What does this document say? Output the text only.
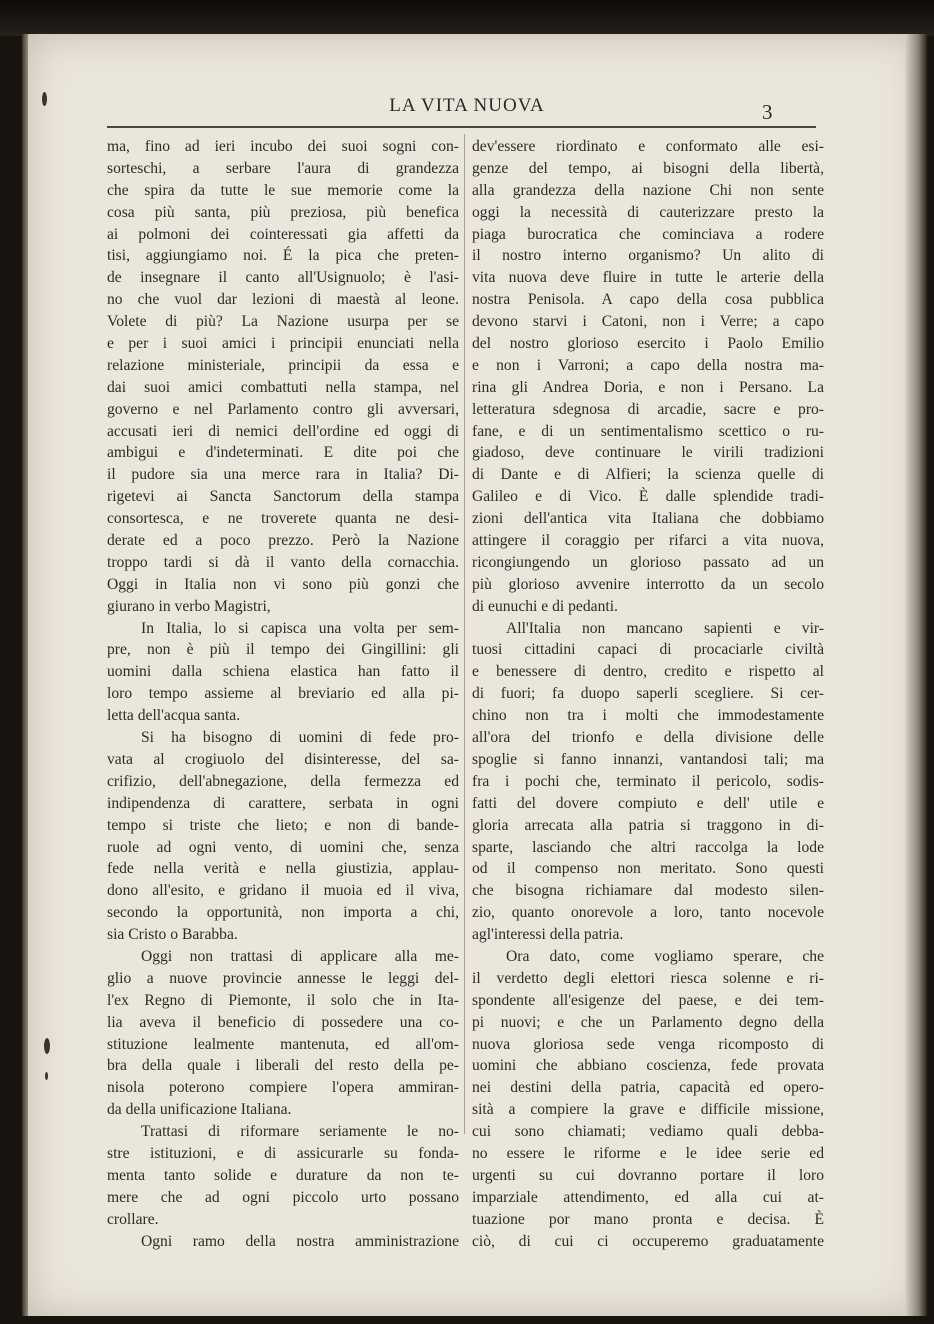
LA VITA NUOVA	3
ma, fino ad ieri incubo dei suoi sogni con-
sorteschi, a serbare l'aura di grandezza
che spira da tutte le sue memorie come la
cosa più santa, più preziosa, più benefica
ai polmoni dei cointeressati gia affetti da
tisi, aggiungiamo noi. É la pica che preten-
de insegnare il canto all'Usignuolo; è l'asi-
no che vuol dar lezioni di maestà al leone.
Volete di più? La Nazione usurpa per se
e per i suoi amici i principii enunciati nella
relazione ministeriale, principii da essa e
dai suoi amici combattuti nella stampa, nel
governo e nel Parlamento contro gli avversari,
accusati ieri di nemici dell'ordine ed oggi di
ambigui e d'indeterminati. E dite poi che
il pudore sia una merce rara in Italia? Di-
rigetevi ai Sancta Sanctorum della stampa
consortesca, e ne troverete quanta ne desi-
derate ed a poco prezzo. Però la Nazione
troppo tardi si dà il vanto della cornacchia.
Oggi in Italia non vi sono più gonzi che
giurano in verbo Magistri,
In Italia, lo si capisca una volta per sem-
pre, non è più il tempo dei Gingillini: gli
uomini dalla schiena elastica han fatto il
loro tempo assieme al breviario ed alla pi-
letta dell'acqua santa.
Si ha bisogno di uomini di fede pro-
vata al crogiuolo del disinteresse, del sa-
crifizio, dell'abnegazione, della fermezza ed
indipendenza di carattere, serbata in ogni
tempo si triste che lieto; e non di bande-
ruole ad ogni vento, di uomini che, senza
fede nella verità e nella giustizia, applau-
dono all'esito, e gridano il muoia ed il viva,
secondo la opportunità, non importa a chi,
sia Cristo o Barabba.
Oggi non trattasi di applicare alla me-
glio a nuove provincie annesse le leggi del-
l'ex Regno di Piemonte, il solo che in Ita-
lia aveva il beneficio di possedere una co-
stituzione lealmente mantenuta, ed all'om-
bra della quale i liberali del resto della pe-
nisola poterono compiere l'opera ammiran-
da della unificazione Italiana.
Trattasi di riformare seriamente le no-
stre istituzioni, e di assicurarle su fonda-
menta tanto solide e durature da non te-
mere che ad ogni piccolo urto possano
crollare.
Ogni ramo della nostra amministrazione
dev'essere riordinato e conformato alle esi-
genze del tempo, ai bisogni della libertà,
alla grandezza della nazione Chi non sente
oggi la necessità di cauterizzare presto la
piaga burocratica che cominciava a rodere
il nostro interno organismo? Un alito di
vita nuova deve fluire in tutte le arterie della
nostra Penisola. A capo della cosa pubblica
devono starvi i Catoni, non i Verre; a capo
del nostro glorioso esercito i Paolo Emilio
e non i Varroni; a capo della nostra ma-
rina gli Andrea Doria, e non i Persano. La
letteratura sdegnosa di arcadie, sacre e pro-
fane, e di un sentimentalismo scettico o ru-
giadoso, deve continuare le virili tradizioni
di Dante e di Alfieri; la scienza quelle di
Galileo e di Vico. È dalle splendide tradi-
zioni dell'antica vita Italiana che dobbiamo
attingere il coraggio per rifarci a vita nuova,
ricongiungendo un glorioso passato ad un
più glorioso avvenire interrotto da un secolo
di eunuchi e di pedanti.
All'Italia non mancano sapienti e vir-
tuosi cittadini capaci di procaciarle civiltà
e benessere di dentro, credito e rispetto al
di fuori; fa duopo saperli scegliere. Si cer-
chino non tra i molti che immodestamente
all'ora del trionfo e della divisione delle
spoglie si fanno innanzi, vantandosi tali; ma
fra i pochi che, terminato il pericolo, sodis-
fatti del dovere compiuto e dell' utile e
gloria arrecata alla patria si traggono in di-
sparte, lasciando che altri raccolga la lode
od il compenso non meritato. Sono questi
che bisogna richiamare dal modesto silen-
zio, quanto onorevole a loro, tanto nocevole
agl'interessi della patria.
Ora dato, come vogliamo sperare, che
il verdetto degli elettori riesca solenne e ri-
spondente all'esigenze del paese, e dei tem-
pi nuovi; e che un Parlamento degno della
nuova gloriosa sede venga ricomposto di
uomini che abbiano coscienza, fede provata
nei destini della patria, capacità ed opero-
sità a compiere la grave e difficile missione,
cui sono chiamati; vediamo quali debba-
no essere le riforme e le idee serie ed
urgenti su cui dovranno portare il loro
imparziale attendimento, ed alla cui at-
tuazione por mano pronta e decisa. È
ciò, di cui ci occuperemo graduatamente
